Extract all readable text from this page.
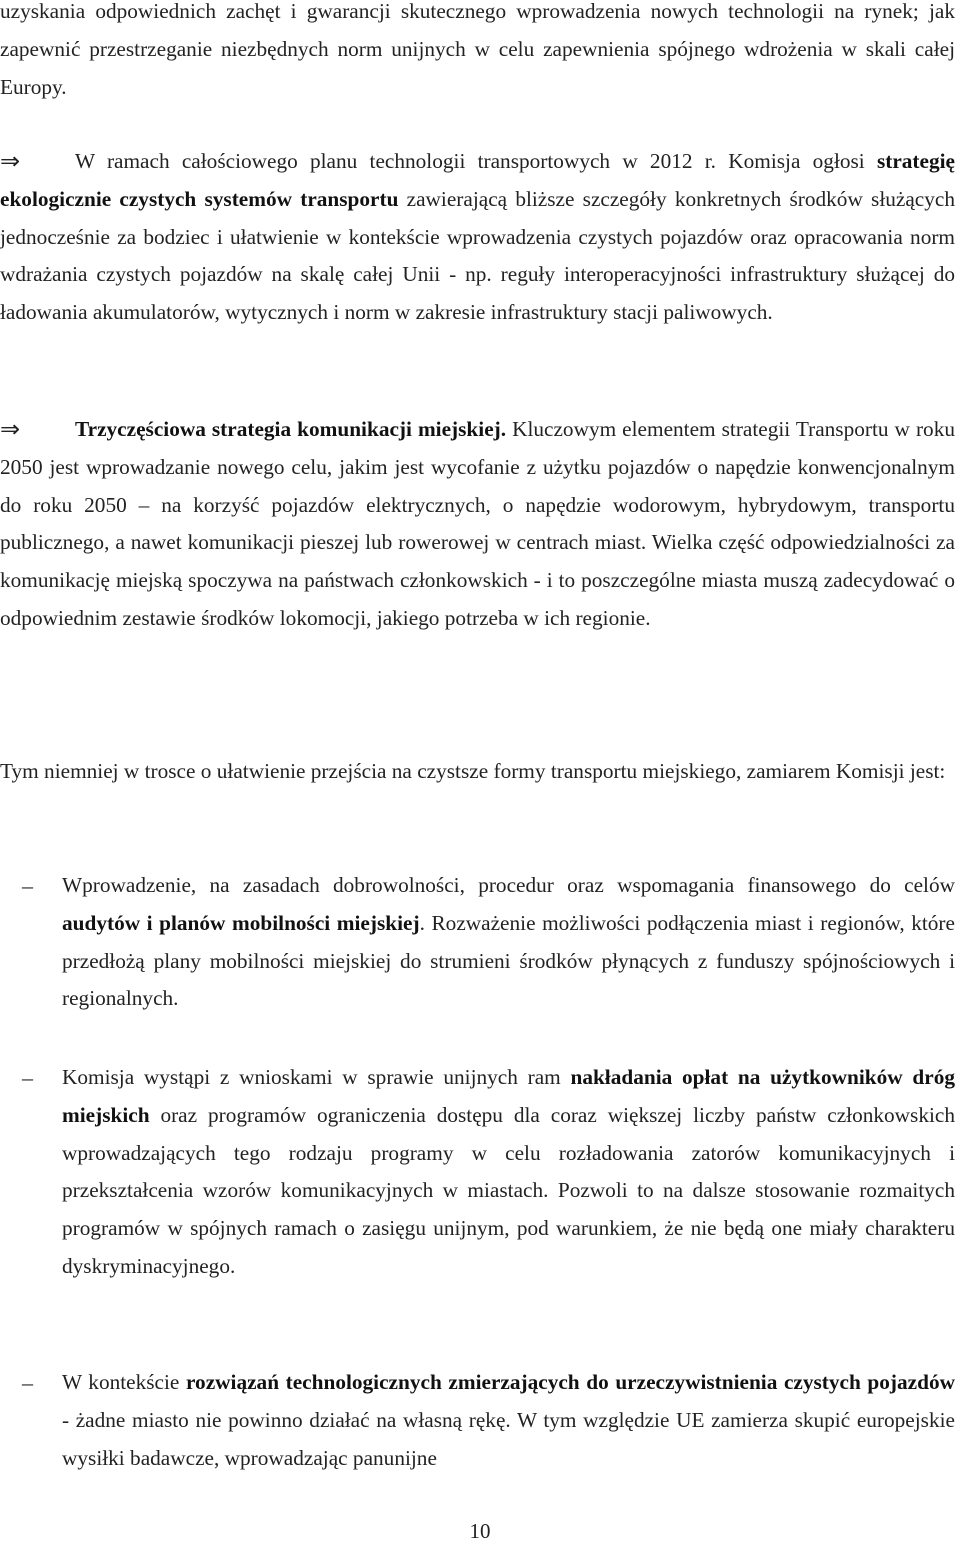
uzyskania odpowiednich zachęt i gwarancji skutecznego wprowadzenia nowych technologii na rynek; jak zapewnić przestrzeganie niezbędnych norm unijnych w celu zapewnienia spójnego wdrożenia w skali całej Europy.

⇒	W ramach całościowego planu technologii transportowych w 2012 r. Komisja ogłosi strategię ekologicznie czystych systemów transportu zawierającą bliższe szczegóły konkretnych środków służących jednocześnie za bodziec i ułatwienie w kontekście wprowadzenia czystych pojazdów oraz opracowania norm wdrażania czystych pojazdów na skalę całej Unii - np. reguły interoperacyjności infrastruktury służącej do ładowania akumulatorów, wytycznych i norm w zakresie infrastruktury stacji paliwowych.

⇒	Trzyczęściowa strategia komunikacji miejskiej. Kluczowym elementem strategii Transportu w roku 2050 jest wprowadzanie nowego celu, jakim jest wycofanie z użytku pojazdów o napędzie konwencjonalnym do roku 2050 – na korzyść pojazdów elektrycznych, o napędzie wodorowym, hybrydowym, transportu publicznego, a nawet komunikacji pieszej lub rowerowej w centrach miast. Wielka część odpowiedzialności za komunikację miejską spoczywa na państwach członkowskich - i to poszczególne miasta muszą zadecydować o odpowiednim zestawie środków lokomocji, jakiego potrzeba w ich regionie.

Tym niemniej w trosce o ułatwienie przejścia na czystsze formy transportu miejskiego, zamiarem Komisji jest:

– Wprowadzenie, na zasadach dobrowolności, procedur oraz wspomagania finansowego do celów audytów i planów mobilności miejskiej. Rozważenie możliwości podłączenia miast i regionów, które przedłożą plany mobilności miejskiej do strumieni środków płynących z funduszy spójnościowych i regionalnych.

– Komisja wystąpi z wnioskami w sprawie unijnych ram nakładania opłat na użytkowników dróg miejskich oraz programów ograniczenia dostępu dla coraz większej liczby państw członkowskich wprowadzających tego rodzaju programy w celu rozładowania zatorów komunikacyjnych i przekształcenia wzorów komunikacyjnych w miastach. Pozwoli to na dalsze stosowanie rozmaitych programów w spójnych ramach o zasięgu unijnym, pod warunkiem, że nie będą one miały charakteru dyskryminacyjnego.

– W kontekście rozwiązań technologicznych zmierzających do urzeczywistnienia czystych pojazdów - żadne miasto nie powinno działać na własną rękę. W tym względzie UE zamierza skupić europejskie wysiłki badawcze, wprowadzając panunijne

10
